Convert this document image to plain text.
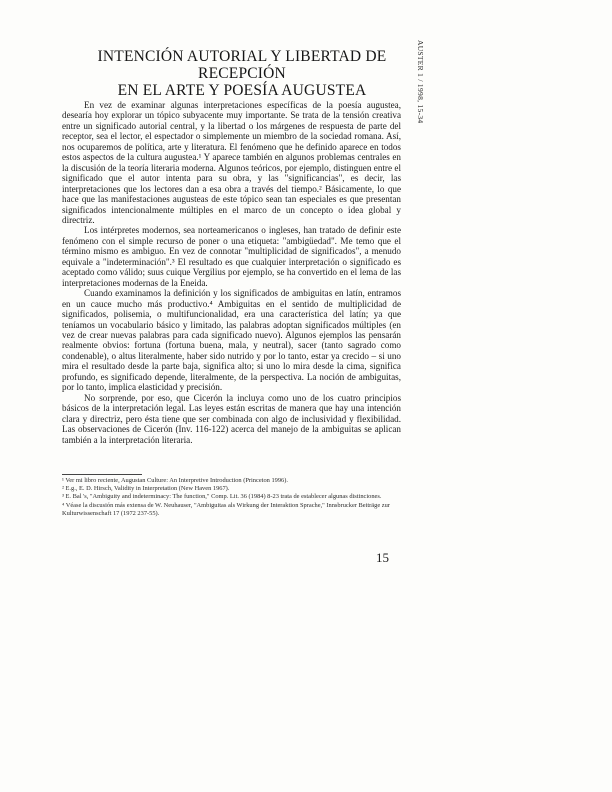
INTENCIÓN AUTORIAL Y LIBERTAD DE RECEPCIÓN
EN EL ARTE Y POESÍA AUGUSTEA	AUSTER 1 / 1998, 15-34

En vez de examinar algunas interpretaciones específicas de la poesía augustea, desearía hoy explorar un tópico subyacente muy importante. Se trata de la tensión creativa entre un significado autorial central, y la libertad o los márgenes de respuesta de parte del receptor, sea el lector, el espectador o simplemente un miembro de la sociedad romana. Así, nos ocuparemos de política, arte y literatura. El fenómeno que he definido aparece en todos estos aspectos de la cultura augustea.¹ Y aparece también en algunos problemas centrales en la discusión de la teoría literaria moderna. Algunos teóricos, por ejemplo, distinguen entre el significado que el autor intenta para su obra, y las "significancias", es decir, las interpretaciones que los lectores dan a esa obra a través del tiempo.² Básicamente, lo que hace que las manifestaciones augusteas de este tópico sean tan especiales es que presentan significados intencionalmente múltiples en el marco de un concepto o idea global y directriz.

Los intérpretes modernos, sea norteamericanos o ingleses, han tratado de definir este fenómeno con el simple recurso de poner o una etiqueta: "ambigüedad". Me temo que el término mismo es ambiguo. En vez de connotar "multiplicidad de significados", a menudo equivale a "indeterminación".³ El resultado es que cualquier interpretación o significado es aceptado como válido; suus cuique Vergilius por ejemplo, se ha convertido en el lema de las interpretaciones modernas de la Eneida.

Cuando examinamos la definición y los significados de ambiguitas en latín, entramos en un cauce mucho más productivo.⁴ Ambiguitas en el sentido de multiplicidad de significados, polisemia, o multifuncionalidad, era una característica del latín; ya que teníamos un vocabulario básico y limitado, las palabras adoptan significados múltiples (en vez de crear nuevas palabras para cada significado nuevo). Algunos ejemplos las pensarán realmente obvios: fortuna (fortuna buena, mala, y neutral), sacer (tanto sagrado como condenable), o altus literalmente, haber sido nutrido y por lo tanto, estar ya crecido – si uno mira el resultado desde la parte baja, significa alto; si uno lo mira desde la cima, significa profundo, es significado depende, literalmente, de la perspectiva. La noción de ambiguitas, por lo tanto, implica elasticidad y precisión.

No sorprende, por eso, que Cicerón la incluya como uno de los cuatro principios básicos de la interpretación legal. Las leyes están escritas de manera que hay una intención clara y directriz, pero ésta tiene que ser combinada con algo de inclusividad y flexibilidad. Las observaciones de Cicerón (Inv. 116-122) acerca del manejo de la ambiguitas se aplican también a la interpretación literaria.

¹ Ver mi libro reciente, Augustan Culture: An Interpretive Introduction (Princeton 1996).
² E.g., E. D. Hirsch, Validity in Interpretation (New Haven 1967).
³ E. Bal 's, "Ambiguity and indeterminacy: The function," Comp. Lit. 36 (1984) 8-23 trata de establecer algunas distinciones.
⁴ Véase la discusión más extensa de W. Neuhauser, "Ambiguitas als Wirkung der Interaktion Sprache," Innsbrucker Beiträge zur Kulturwissenschaft 17 (1972 237-55).
15
